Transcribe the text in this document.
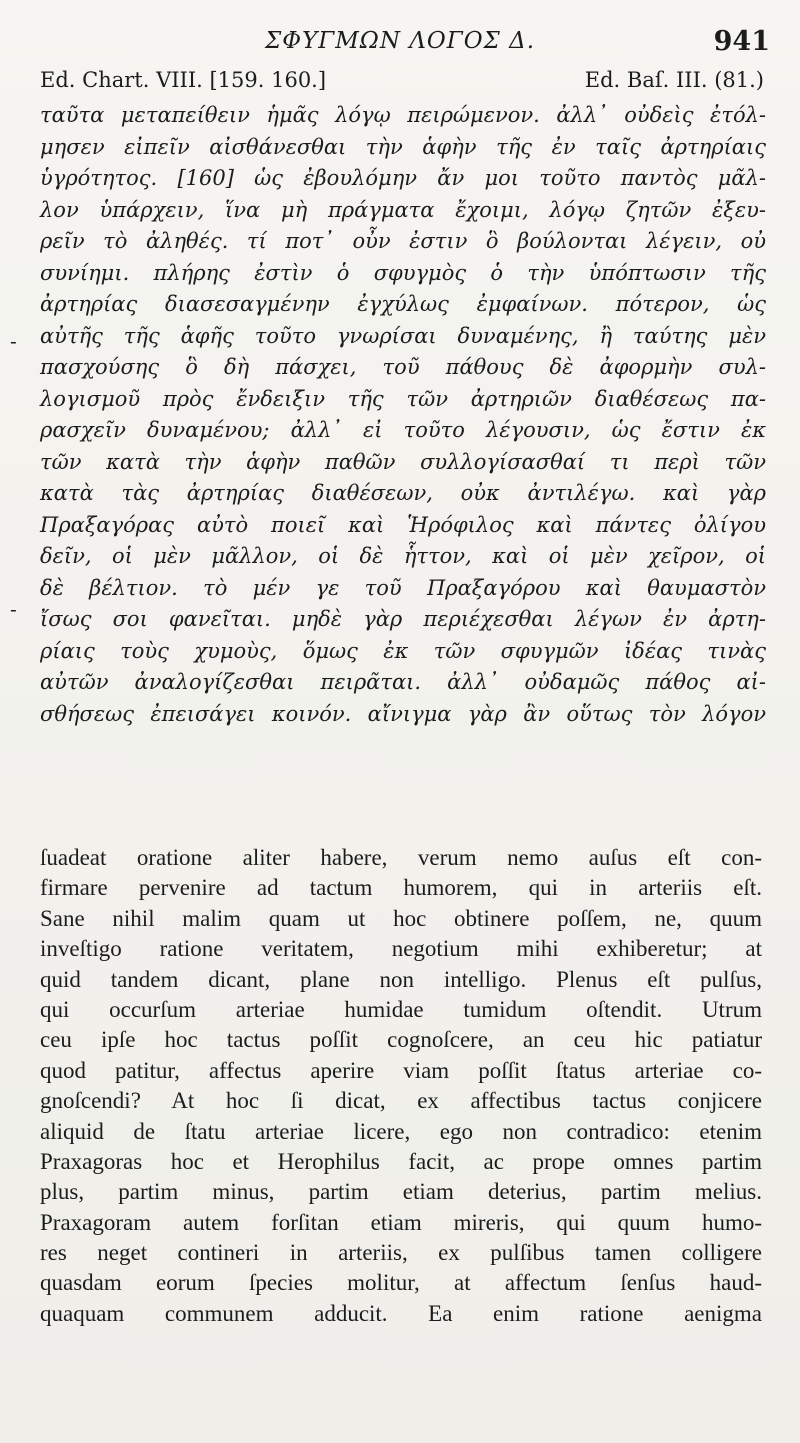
ΣΦΥΓΜΩΝ ΛΟΓΟΣ Δ.	941
Ed. Chart. VIII. [159. 160.]	Ed. Baſ. III. (81.)
-
-
ταῦτα μεταπείθειν ἡμᾶς λόγῳ πειρώμενον. ἀλλ᾽ οὐδεὶς ἐτόλ-
μησεν εἰπεῖν αἰσθάνεσθαι τὴν ἁφὴν τῆς ἐν ταῖς ἀρτηρίαις
ὑγρότητος. [160] ὡς ἐβουλόμην ἄν μοι τοῦτο παντὸς μᾶλ-
λον ὑπάρχειν, ἵνα μὴ πράγματα ἔχοιμι, λόγῳ ζητῶν ἐξευ-
ρεῖν τὸ ἀληθές. τί ποτ᾽ οὖν ἐστιν ὃ βούλονται λέγειν, οὐ
συνίημι. πλήρης ἐστὶν ὁ σφυγμὸς ὁ τὴν ὑπόπτωσιν τῆς
ἀρτηρίας διασεσαγμένην ἐγχύλως ἐμφαίνων. πότερον, ὡς
αὐτῆς τῆς ἁφῆς τοῦτο γνωρίσαι δυναμένης, ἢ ταύτης μὲν
πασχούσης ὃ δὴ πάσχει, τοῦ πάθους δὲ ἀφορμὴν συλ-
λογισμοῦ πρὸς ἔνδειξιν τῆς τῶν ἀρτηριῶν διαθέσεως πα-
ρασχεῖν δυναμένου; ἀλλ᾽ εἰ τοῦτο λέγουσιν, ὡς ἔστιν ἐκ
τῶν κατὰ τὴν ἁφὴν παθῶν συλλογίσασθαί τι περὶ τῶν
κατὰ τὰς ἀρτηρίας διαθέσεων, οὐκ ἀντιλέγω. καὶ γὰρ
Πραξαγόρας αὐτὸ ποιεῖ καὶ Ἡρόφιλος καὶ πάντες ὀλίγου
δεῖν, οἱ μὲν μᾶλλον, οἱ δὲ ἧττον, καὶ οἱ μὲν χεῖρον, οἱ
δὲ βέλτιον. τὸ μέν γε τοῦ Πραξαγόρου καὶ θαυμαστὸν
ἴσως σοι φανεῖται. μηδὲ γὰρ περιέχεσθαι λέγων ἐν ἀρτη-
ρίαις τοὺς χυμοὺς, ὅμως ἐκ τῶν σφυγμῶν ἰδέας τινὰς
αὐτῶν ἀναλογίζεσθαι πειρᾶται. ἀλλ᾽ οὐδαμῶς πάθος αἰ-
σθήσεως ἐπεισάγει κοινόν. αἴνιγμα γὰρ ἂν οὕτως τὸν λόγον
ſuadeat oratione aliter habere, verum nemo auſus eſt con-
firmare pervenire ad tactum humorem, qui in arteriis eſt.
Sane nihil malim quam ut hoc obtinere poſſem, ne, quum
inveſtigo ratione veritatem, negotium mihi exhiberetur; at
quid tandem dicant, plane non intelligo. Plenus eſt pulſus,
qui occurſum arteriae humidae tumidum oſtendit. Utrum
ceu ipſe hoc tactus poſſit cognoſcere, an ceu hic patiatur
quod patitur, affectus aperire viam poſſit ſtatus arteriae co-
gnoſcendi? At hoc ſi dicat, ex affectibus tactus conjicere
aliquid de ſtatu arteriae licere, ego non contradico: etenim
Praxagoras hoc et Herophilus facit, ac prope omnes partim
plus, partim minus, partim etiam deterius, partim melius.
Praxagoram autem forſitan etiam mireris, qui quum humo-
res neget contineri in arteriis, ex pulſibus tamen colligere
quasdam eorum ſpecies molitur, at affectum ſenſus haud-
quaquam communem adducit. Ea enim ratione aenigma
